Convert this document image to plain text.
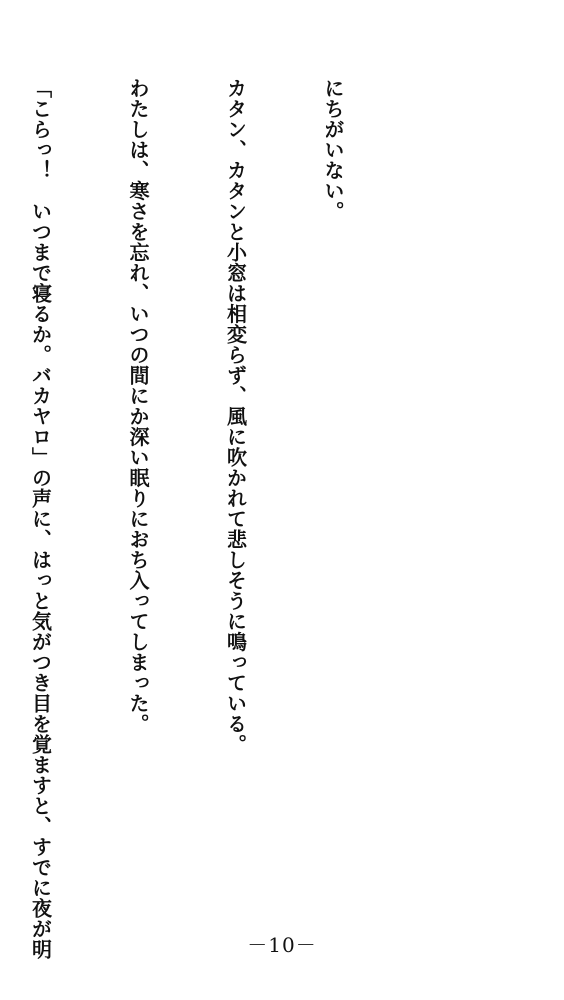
にちがいない。

カタン、カタンと小窓は相変らず、風に吹かれて悲しそうに鳴っている。

わたしは、寒さを忘れ、いつの間にか深い眠りにおち入ってしまった。

「こらっ！　いつまで寝るか。バカヤロ」の声に、はっと気がつき目を覚ますと、すでに夜が明

	－10－
